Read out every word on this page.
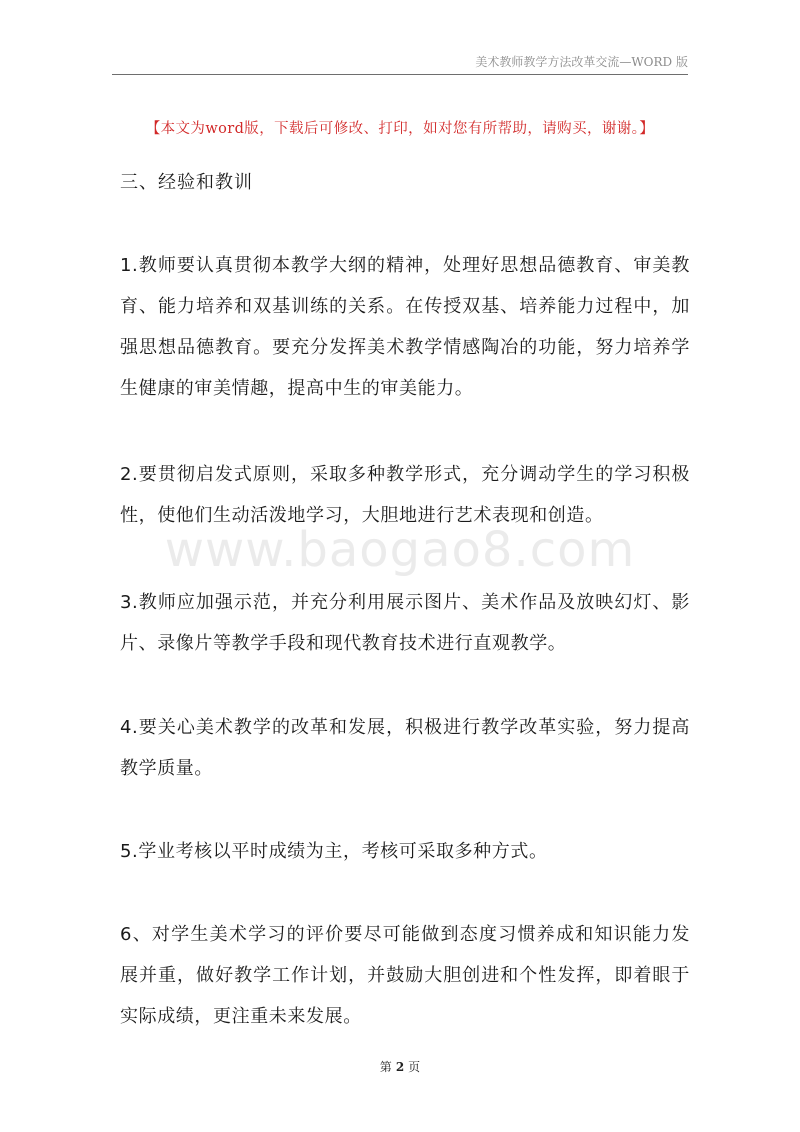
美术教师教学方法改革交流—WORD 版
【本文为word版，下载后可修改、打印，如对您有所帮助，请购买，谢谢。】
三、经验和教训
1.教师要认真贯彻本教学大纲的精神，处理好思想品德教育、审美教育、能力培养和双基训练的关系。在传授双基、培养能力过程中，加强思想品德教育。要充分发挥美术教学情感陶冶的功能，努力培养学生健康的审美情趣，提高中生的审美能力。
2.要贯彻启发式原则，采取多种教学形式，充分调动学生的学习积极性，使他们生动活泼地学习，大胆地进行艺术表现和创造。
www.baogao8.com
3.教师应加强示范，并充分利用展示图片、美术作品及放映幻灯、影片、录像片等教学手段和现代教育技术进行直观教学。
4.要关心美术教学的改革和发展，积极进行教学改革实验，努力提高教学质量。
5.学业考核以平时成绩为主，考核可采取多种方式。
6、对学生美术学习的评价要尽可能做到态度习惯养成和知识能力发展并重，做好教学工作计划，并鼓励大胆创进和个性发挥，即着眼于实际成绩，更注重未来发展。
第 2 页
